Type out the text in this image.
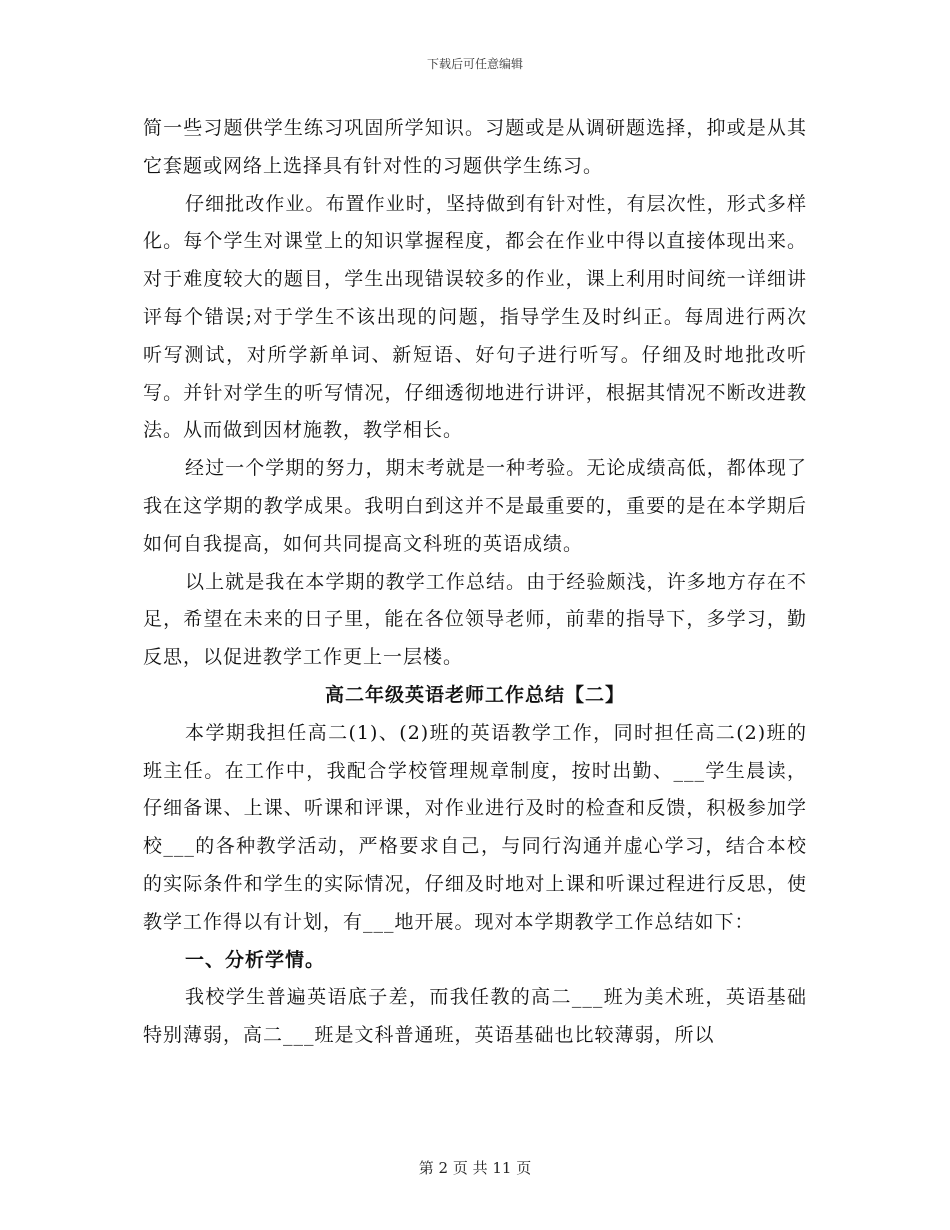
下载后可任意编辑

简一些习题供学生练习巩固所学知识。习题或是从调研题选择，抑或是从其它套题或网络上选择具有针对性的习题供学生练习。

仔细批改作业。布置作业时，坚持做到有针对性，有层次性，形式多样化。每个学生对课堂上的知识掌握程度，都会在作业中得以直接体现出来。对于难度较大的题目，学生出现错误较多的作业，课上利用时间统一详细讲评每个错误;对于学生不该出现的问题，指导学生及时纠正。每周进行两次听写测试，对所学新单词、新短语、好句子进行听写。仔细及时地批改听写。并针对学生的听写情况，仔细透彻地进行讲评，根据其情况不断改进教法。从而做到因材施教，教学相长。

经过一个学期的努力，期末考就是一种考验。无论成绩高低，都体现了我在这学期的教学成果。我明白到这并不是最重要的，重要的是在本学期后如何自我提高，如何共同提高文科班的英语成绩。

以上就是我在本学期的教学工作总结。由于经验颇浅，许多地方存在不足，希望在未来的日子里，能在各位领导老师，前辈的指导下，多学习，勤反思，以促进教学工作更上一层楼。

高二年级英语老师工作总结【二】

本学期我担任高二(1)、(2)班的英语教学工作，同时担任高二(2)班的班主任。在工作中，我配合学校管理规章制度，按时出勤、___学生晨读，仔细备课、上课、听课和评课，对作业进行及时的检查和反馈，积极参加学校___的各种教学活动，严格要求自己，与同行沟通并虚心学习，结合本校的实际条件和学生的实际情况，仔细及时地对上课和听课过程进行反思，使教学工作得以有计划，有___地开展。现对本学期教学工作总结如下：

一、分析学情。

我校学生普遍英语底子差，而我任教的高二___班为美术班，英语基础特别薄弱，高二___班是文科普通班，英语基础也比较薄弱，所以

第 2 页 共 11 页
